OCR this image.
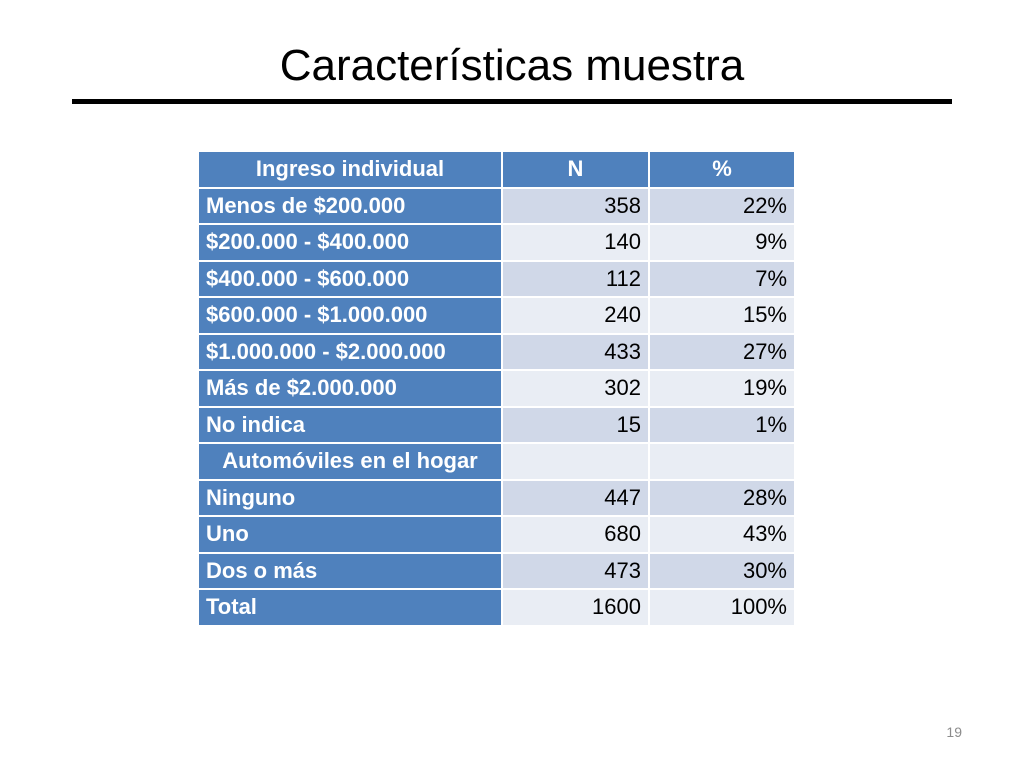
Características muestra
Ingreso individual	N	%
Menos de $200.000	358	22%
$200.000 - $400.000	140	9%
$400.000 - $600.000	112	7%
$600.000 - $1.000.000	240	15%
$1.000.000 - $2.000.000	433	27%
Más de $2.000.000	302	19%
No indica	15	1%
Automóviles en el hogar		
Ninguno	447	28%
Uno	680	43%
Dos o más	473	30%
Total	1600	100%
19
